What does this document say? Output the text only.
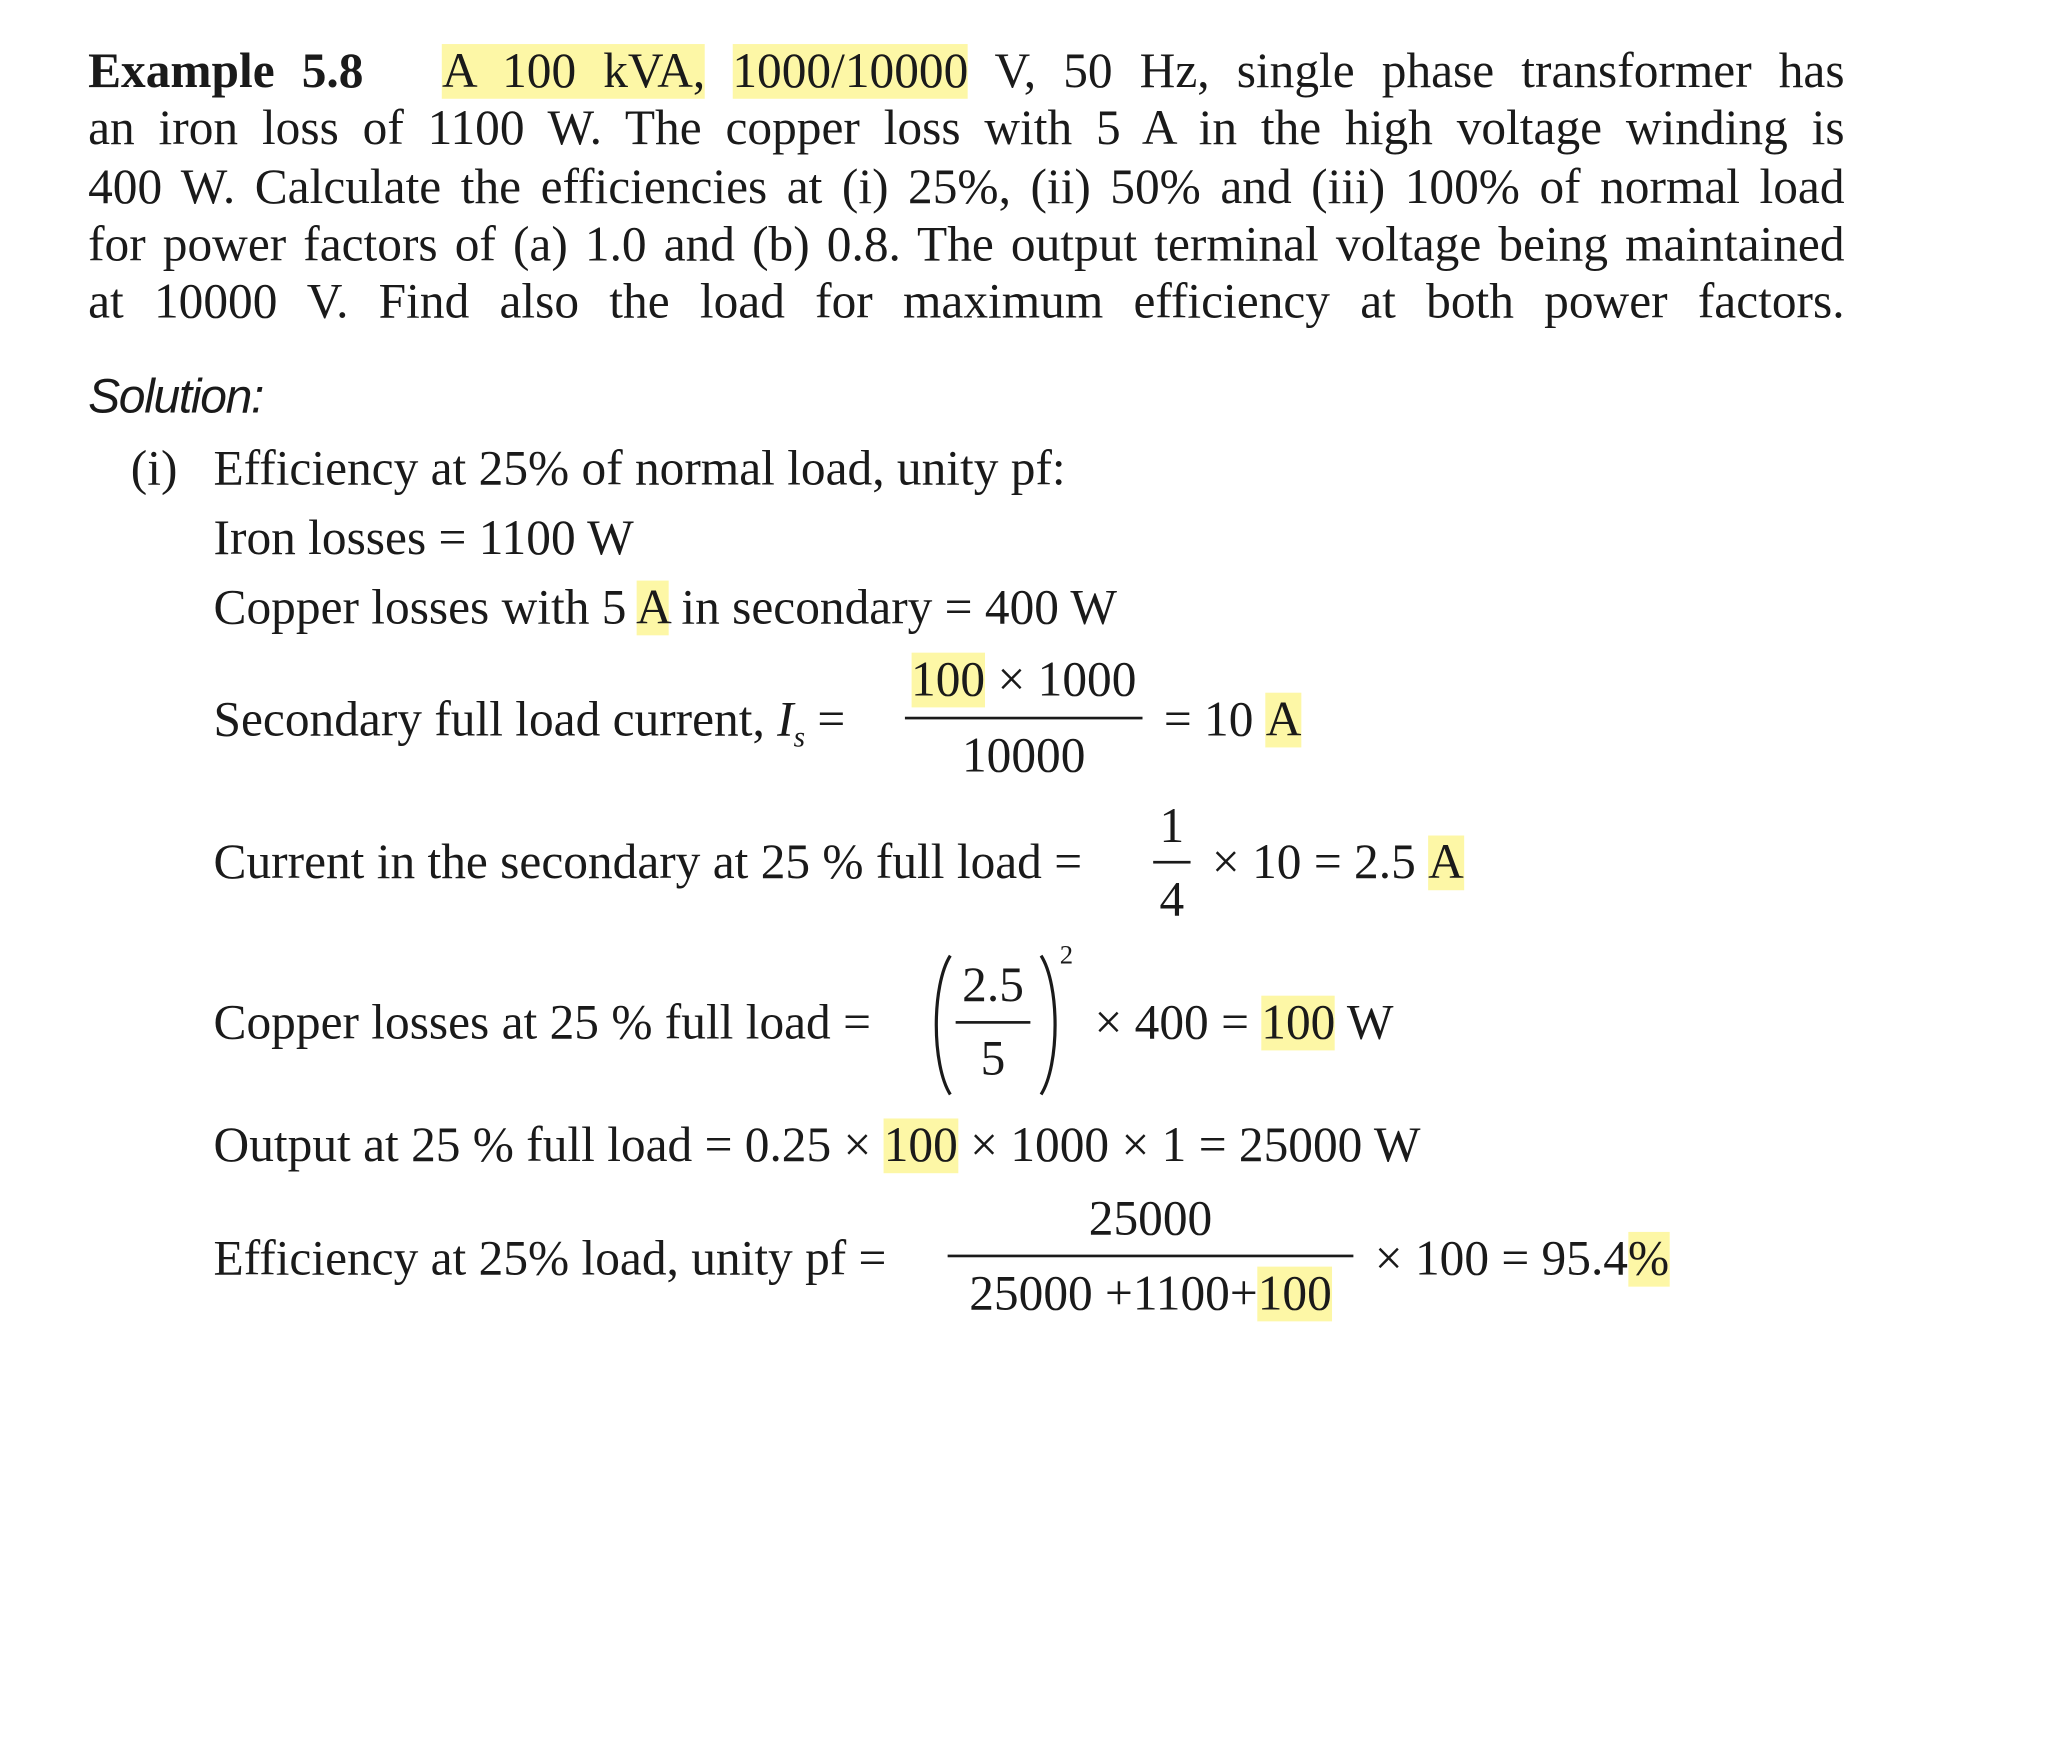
Example 5.8 A 100 kVA, 1000/10000 V, 50 Hz, single phase transformer has
an iron loss of 1100 W. The copper loss with 5 A in the high voltage winding is
400 W. Calculate the efficiencies at (i) 25%, (ii) 50% and (iii) 100% of normal load
for power factors of (a) 1.0 and (b) 0.8. The output terminal voltage being maintained
at 10000 V. Find also the load for maximum efficiency at both power factors.
Solution:
(i) Efficiency at 25% of normal load, unity pf:
Iron losses = 1100 W
Copper losses with 5 A in secondary = 400 W
Secondary full load current, $I_s$ =
100 × 1000
10000
= 10 A
Current in the secondary at 25 % full load =
1
4
× 10 = 2.5 A
Copper losses at 25 % full load =
2.5
5
2
× 400 = 100 W
Output at 25 % full load = 0.25 × 100 × 1000 × 1 = 25000 W
Efficiency at 25% load, unity pf =
25000
25000 +1100+100
× 100 = 95.4%
